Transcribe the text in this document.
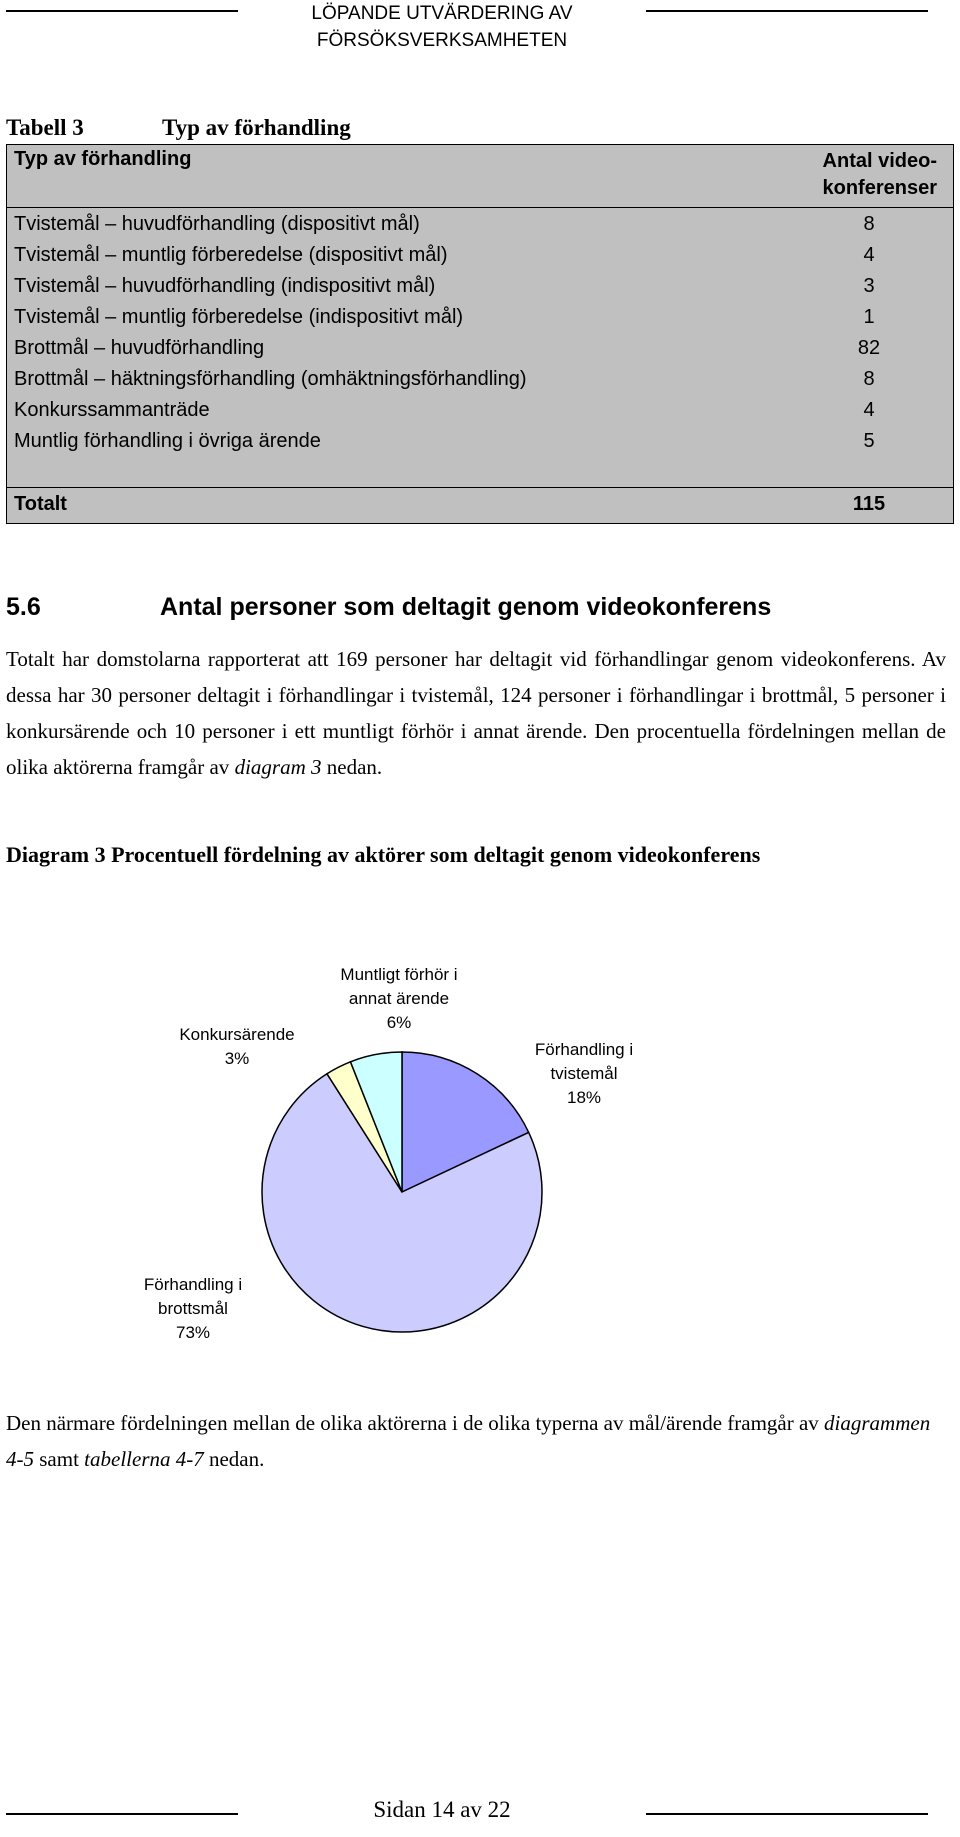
LÖPANDE UTVÄRDERING AV
FÖRSÖKSVERKSAMHETEN
Tabell 3	Typ av förhandling
Typ av förhandling	Antal video-
konferenser
Tvistemål – huvudförhandling (dispositivt mål)	8
Tvistemål – muntlig förberedelse (dispositivt mål)	4
Tvistemål – huvudförhandling (indispositivt mål)	3
Tvistemål – muntlig förberedelse (indispositivt mål)	1
Brottmål – huvudförhandling	82
Brottmål – häktningsförhandling (omhäktningsförhandling)	8
Konkurssammanträde	4
Muntlig förhandling i övriga ärende	5
Totalt	115
5.6	Antal personer som deltagit genom videokonferens
Totalt har domstolarna rapporterat att 169 personer har deltagit vid förhandlingar genom videokonferens. Av dessa har 30 personer deltagit i förhandlingar i tvistemål, 124 personer i förhandlingar i brottmål, 5 personer i konkursärende och 10 personer i ett muntligt förhör i annat ärende. Den procentuella fördelningen mellan de olika aktörerna framgår av diagram 3 nedan.
Diagram 3 Procentuell fördelning av aktörer som deltagit genom videokonferens
Förhandling i tvistemål 18%
Förhandling i brottsmål 73%
Konkursärende 3%
Muntligt förhör i annat ärende 6%
Den närmare fördelningen mellan de olika aktörerna i de olika typerna av mål/ärende framgår av diagrammen 4-5 samt tabellerna 4-7 nedan.
Sidan 14 av 22
